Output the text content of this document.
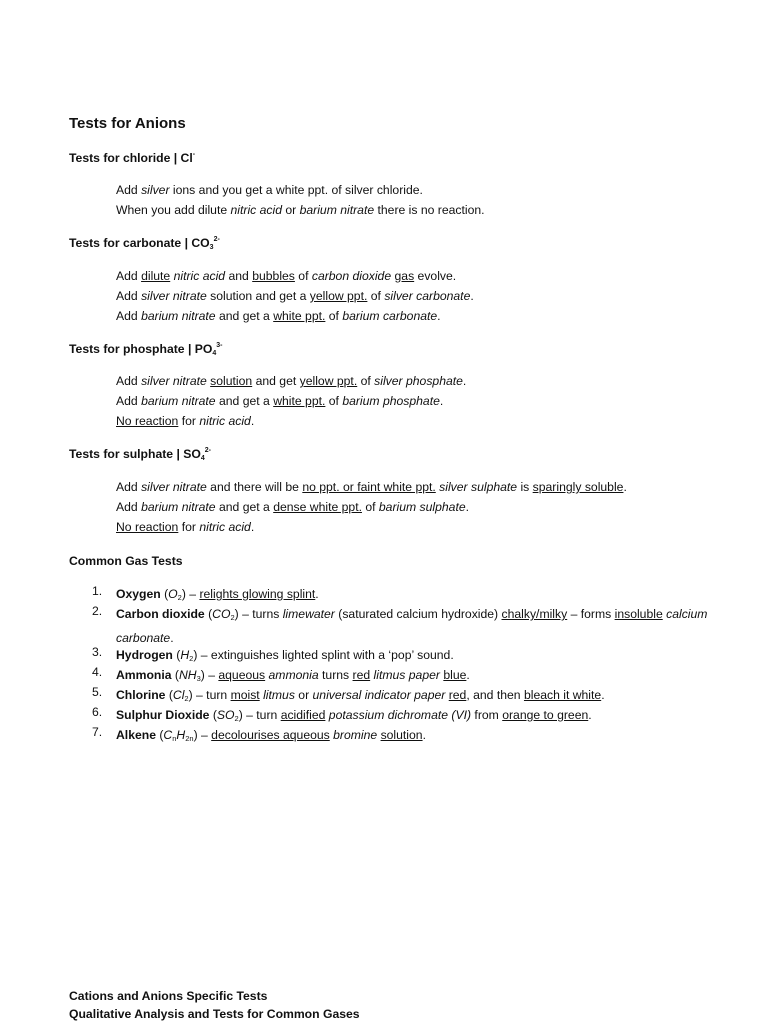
Tests for Anions

Tests for chloride | Cl-

Add silver ions and you get a white ppt. of silver chloride.

When you add dilute nitric acid or barium nitrate there is no reaction.

Tests for carbonate | $CO_3^{2-}$

Add dilute nitric acid and bubbles of carbon dioxide gas evolve.

Add silver nitrate solution and get a yellow ppt. of silver carbonate.

Add barium nitrate and get a white ppt. of barium carbonate.

Tests for phosphate | $PO_4^{3-}$

Add silver nitrate solution and get yellow ppt. of silver phosphate.

Add barium nitrate and get a white ppt. of barium phosphate.

No reaction for nitric acid.

Tests for sulphate | $SO_4^{2-}$

Add silver nitrate and there will be no ppt. or faint white ppt. silver sulphate is sparingly soluble.

Add barium nitrate and get a dense white ppt. of barium sulphate.

No reaction for nitric acid.

Common Gas Tests

1. Oxygen $(O_2)$ – relights glowing splint.

2. Carbon dioxide $(CO_2)$ – turns limewater (saturated calcium hydroxide) chalky/milky – forms insoluble calcium carbonate.

3. Hydrogen $(H_2)$ – extinguishes lighted splint with a ‘pop’ sound.

4. Ammonia $(NH_3)$ – aqueous ammonia turns red litmus paper blue.

5. Chlorine $(Cl_2)$ – turn moist litmus or universal indicator paper red, and then bleach it white.

6. Sulphur Dioxide $(SO_2)$ – turn acidified potassium dichromate (VI) from orange to green.

7. Alkene $(C_nH_{2n})$ – decolourises aqueous bromine solution.

Cations and Anions Specific Tests

Qualitative Analysis and Tests for Common Gases
